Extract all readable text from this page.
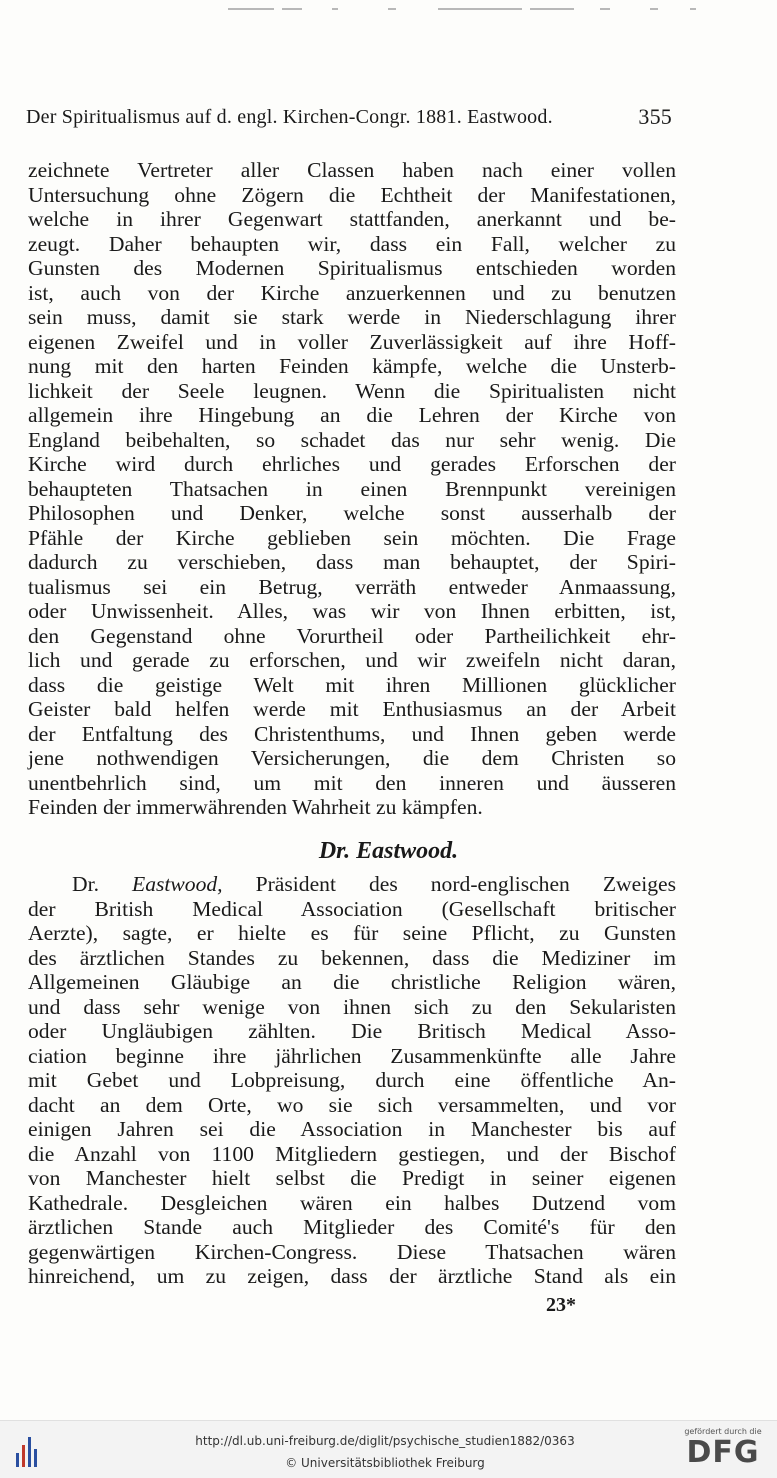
Der Spiritualismus auf d. engl. Kirchen-Congr. 1881. Eastwood.	355
zeichnete Vertreter aller Classen haben nach einer vollen
Untersuchung ohne Zögern die Echtheit der Manifestationen,
welche in ihrer Gegenwart stattfanden, anerkannt und be-
zeugt. Daher behaupten wir, dass ein Fall, welcher zu
Gunsten des Modernen Spiritualismus entschieden worden
ist, auch von der Kirche anzuerkennen und zu benutzen
sein muss, damit sie stark werde in Niederschlagung ihrer
eigenen Zweifel und in voller Zuverlässigkeit auf ihre Hoff-
nung mit den harten Feinden kämpfe, welche die Unsterb-
lichkeit der Seele leugnen. Wenn die Spiritualisten nicht
allgemein ihre Hingebung an die Lehren der Kirche von
England beibehalten, so schadet das nur sehr wenig. Die
Kirche wird durch ehrliches und gerades Erforschen der
behaupteten Thatsachen in einen Brennpunkt vereinigen
Philosophen und Denker, welche sonst ausserhalb der
Pfähle der Kirche geblieben sein möchten. Die Frage
dadurch zu verschieben, dass man behauptet, der Spiri-
tualismus sei ein Betrug, verräth entweder Anmaassung,
oder Unwissenheit. Alles, was wir von Ihnen erbitten, ist,
den Gegenstand ohne Vorurtheil oder Partheilichkeit ehr-
lich und gerade zu erforschen, und wir zweifeln nicht daran,
dass die geistige Welt mit ihren Millionen glücklicher
Geister bald helfen werde mit Enthusiasmus an der Arbeit
der Entfaltung des Christenthums, und Ihnen geben werde
jene nothwendigen Versicherungen, die dem Christen so
unentbehrlich sind, um mit den inneren und äusseren
Feinden der immerwährenden Wahrheit zu kämpfen.
Dr. Eastwood.
Dr. Eastwood, Präsident des nord-englischen Zweiges
der British Medical Association (Gesellschaft britischer
Aerzte), sagte, er hielte es für seine Pflicht, zu Gunsten
des ärztlichen Standes zu bekennen, dass die Mediziner im
Allgemeinen Gläubige an die christliche Religion wären,
und dass sehr wenige von ihnen sich zu den Sekularisten
oder Ungläubigen zählten. Die Britisch Medical Asso-
ciation beginne ihre jährlichen Zusammenkünfte alle Jahre
mit Gebet und Lobpreisung, durch eine öffentliche An-
dacht an dem Orte, wo sie sich versammelten, und vor
einigen Jahren sei die Association in Manchester bis auf
die Anzahl von 1100 Mitgliedern gestiegen, und der Bischof
von Manchester hielt selbst die Predigt in seiner eigenen
Kathedrale. Desgleichen wären ein halbes Dutzend vom
ärztlichen Stande auch Mitglieder des Comité's für den
gegenwärtigen Kirchen-Congress. Diese Thatsachen wären
hinreichend, um zu zeigen, dass der ärztliche Stand als ein
23*
http://dl.ub.uni-freiburg.de/diglit/psychische_studien1882/0363
© Universitätsbibliothek Freiburg
gefördert durch die
DFG
